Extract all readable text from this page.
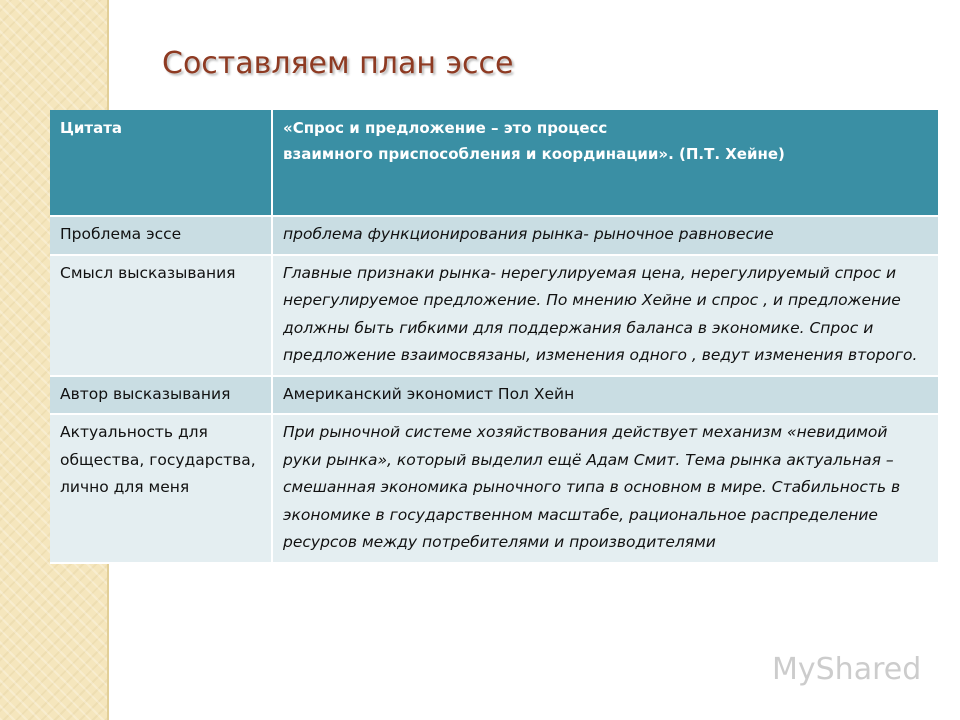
Составляем план эссе
Цитата	«Спрос и предложение – это процесс
взаимного приспособления и координации». (П.Т. Хейне)

Проблема эссе	проблема функционирования рынка- рыночное равновесие
Смысл высказывания	Главные признаки рынка- нерегулируемая цена, нерегулируемый спрос и нерегулируемое предложение. По мнению Хейне и спрос , и предложение должны быть гибкими для поддержания баланса в экономике. Спрос и предложение взаимосвязаны, изменения одного , ведут изменения второго.
Автор высказывания	Американский экономист Пол Хейн
Актуальность для общества, государства, лично для меня	При рыночной системе хозяйствования действует механизм «невидимой руки рынка», который выделил ещё Адам Смит. Тема рынка актуальная – смешанная экономика рыночного типа в основном в мире. Стабильность в экономике в государственном масштабе, рациональное распределение ресурсов между потребителями и производителями
MyShared
